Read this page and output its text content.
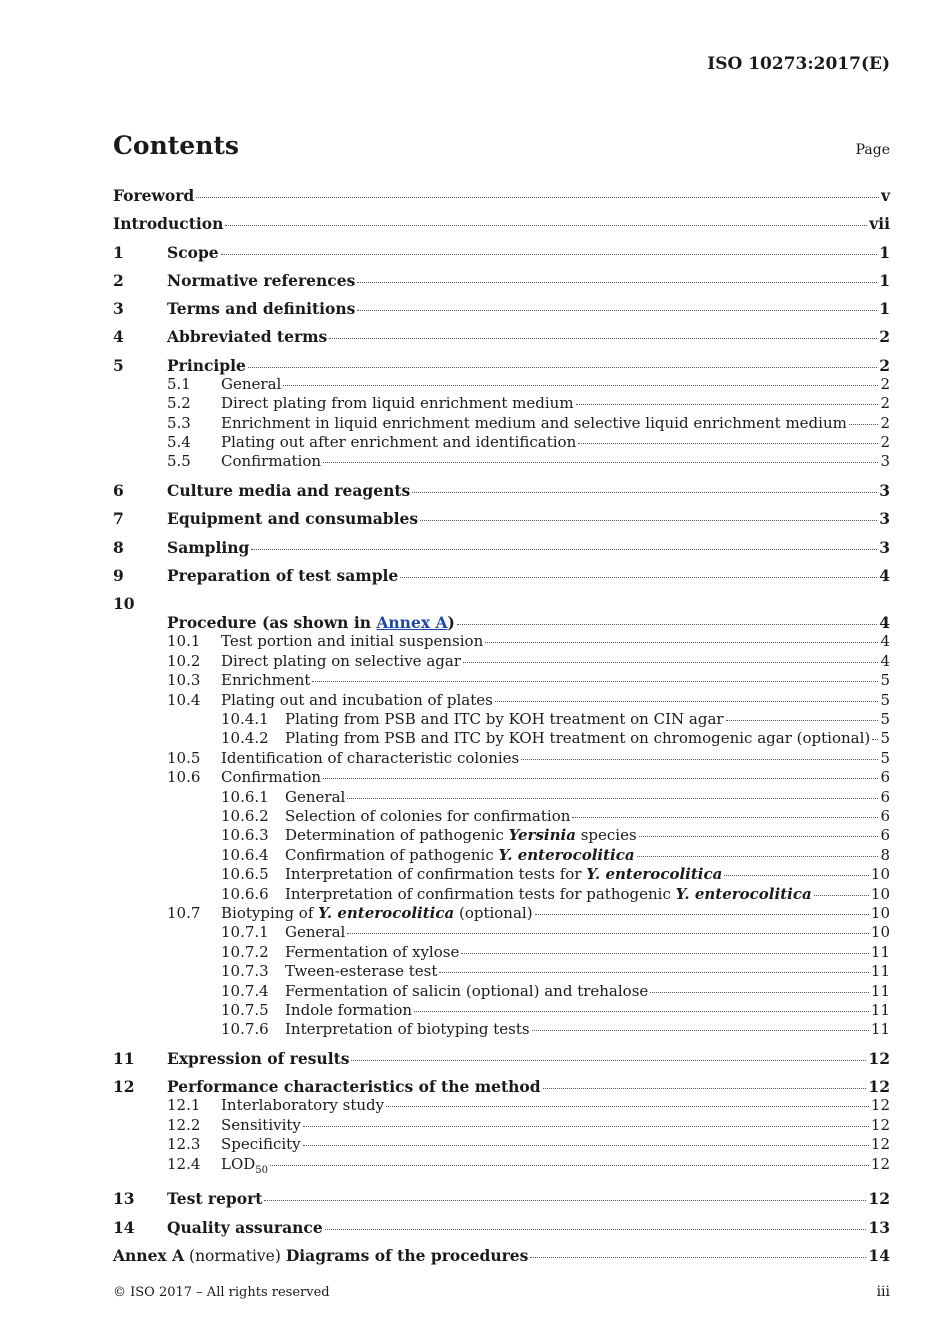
ISO 10273:2017(E)
Contents	Page
Foreword	v
Introduction	vii
1	Scope	1
2	Normative references	1
3	Terms and definitions	1
4	Abbreviated terms	2
5	Principle	2
5.1 General	2
5.2 Direct plating from liquid enrichment medium	2
5.3 Enrichment in liquid enrichment medium and selective liquid enrichment medium 2
5.4 Plating out after enrichment and identification	2
5.5 Confirmation	3
6	Culture media and reagents	3
7	Equipment and consumables	3
8	Sampling	3
9	Preparation of test sample	4
10
Procedure (as shown in Annex A)	4
10.1 Test portion and initial suspension	4
10.2 Direct plating on selective agar	4
10.3 Enrichment	5
10.4 Plating out and incubation of plates	5
10.4.1 Plating from PSB and ITC by KOH treatment on CIN agar	5
10.4.2 Plating from PSB and ITC by KOH treatment on chromogenic agar (optional) 5
10.5 Identification of characteristic colonies	5
10.6 Confirmation	6
10.6.1 General	6
10.6.2 Selection of colonies for confirmation	6
10.6.3 Determination of pathogenic Yersinia species	6
10.6.4 Confirmation of pathogenic Y. enterocolitica	8
10.6.5 Interpretation of confirmation tests for Y. enterocolitica	10
10.6.6 Interpretation of confirmation tests for pathogenic Y. enterocolitica	10
10.7 Biotyping of Y. enterocolitica (optional)	10
10.7.1 General	10
10.7.2 Fermentation of xylose	11
10.7.3 Tween-esterase test	11
10.7.4 Fermentation of salicin (optional) and trehalose	11
10.7.5 Indole formation	11
10.7.6 Interpretation of biotyping tests	11
11 Expression of results	12
12 Performance characteristics of the method	12
12.1 Interlaboratory study	12
12.2 Sensitivity	12
12.3 Specificity	12
12.4 $LOD_{50}$	12
13 Test report	12
14 Quality assurance	13
Annex A (normative) Diagrams of the procedures	14
© ISO 2017 – All rights reserved	iii
